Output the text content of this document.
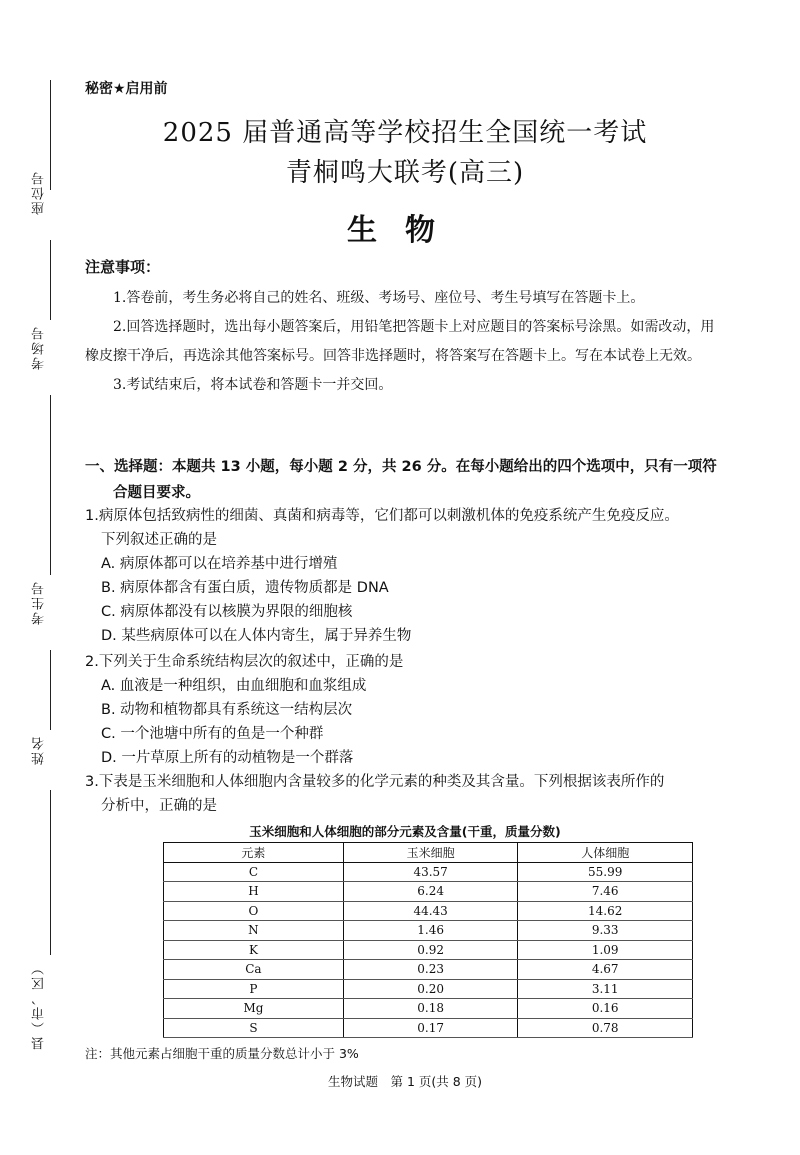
座位号
考场号
考生号
姓名
县（市、区）
秘密★启用前
2025 届普通高等学校招生全国统一考试
青桐鸣大联考(高三)
生物
注意事项：

1.答卷前，考生务必将自己的姓名、班级、考场号、座位号、考生号填写在答题卡上。

2.回答选择题时，选出每小题答案后，用铅笔把答题卡上对应题目的答案标号涂黑。如需改动，用橡皮擦干净后，再选涂其他答案标号。回答非选择题时，将答案写在答题卡上。写在本试卷上无效。

3.考试结束后，将本试卷和答题卡一并交回。

一、选择题：本题共 13 小题，每小题 2 分，共 26 分。在每小题给出的四个选项中，只有一项符
合题目要求。
1.病原体包括致病性的细菌、真菌和病毒等，它们都可以刺激机体的免疫系统产生免疫反应。
下列叙述正确的是
A. 病原体都可以在培养基中进行增殖
B. 病原体都含有蛋白质，遗传物质都是 DNA
C. 病原体都没有以核膜为界限的细胞核
D. 某些病原体可以在人体内寄生，属于异养生物
2.下列关于生命系统结构层次的叙述中，正确的是
A. 血液是一种组织，由血细胞和血浆组成
B. 动物和植物都具有系统这一结构层次
C. 一个池塘中所有的鱼是一个种群
D. 一片草原上所有的动植物是一个群落
3.下表是玉米细胞和人体细胞内含量较多的化学元素的种类及其含量。下列根据该表所作的
分析中，正确的是
玉米细胞和人体细胞的部分元素及含量(干重，质量分数)
元素	玉米细胞	人体细胞
C	43.57	55.99
H	6.24	7.46
O	44.43	14.62
N	1.46	9.33
K	0.92	1.09
Ca	0.23	4.67
P	0.20	3.11
Mg	0.18	0.16
S	0.17	0.78
注：其他元素占细胞干重的质量分数总计小于 3%
生物试题　第 1 页(共 8 页)
